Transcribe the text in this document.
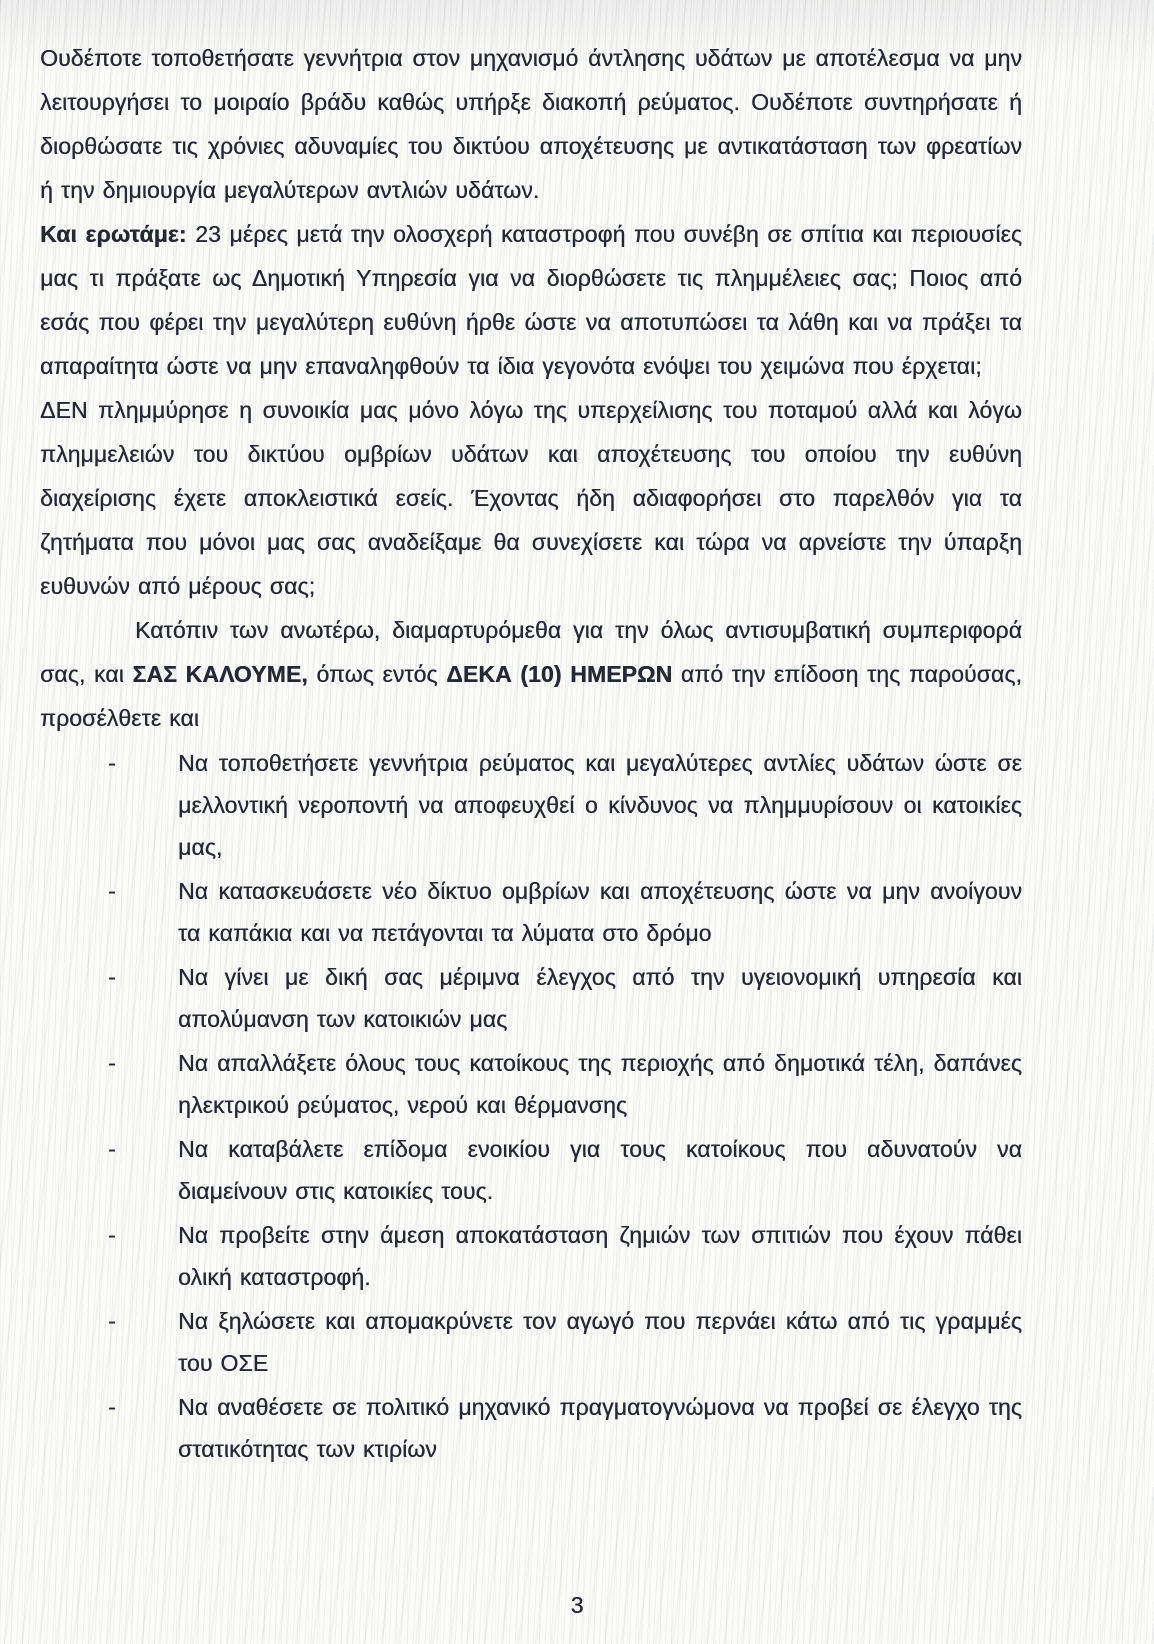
Ουδέποτε τοποθετήσατε γεννήτρια στον μηχανισμό άντλησης υδάτων με αποτέλεσμα να μην λειτουργήσει το μοιραίο βράδυ καθώς υπήρξε διακοπή ρεύματος. Ουδέποτε συντηρήσατε ή διορθώσατε τις χρόνιες αδυναμίες του δικτύου αποχέτευσης με αντικατάσταση των φρεατίων ή την δημιουργία μεγαλύτερων αντλιών υδάτων.

Και ερωτάμε: 23 μέρες μετά την ολοσχερή καταστροφή που συνέβη σε σπίτια και περιουσίες μας τι πράξατε ως Δημοτική Υπηρεσία για να διορθώσετε τις πλημμέλειες σας; Ποιος από εσάς που φέρει την μεγαλύτερη ευθύνη ήρθε ώστε να αποτυπώσει τα λάθη και να πράξει τα απαραίτητα ώστε να μην επαναληφθούν τα ίδια γεγονότα ενόψει του χειμώνα που έρχεται;

ΔΕΝ πλημμύρησε η συνοικία μας μόνο λόγω της υπερχείλισης του ποταμού αλλά και λόγω πλημμελειών του δικτύου ομβρίων υδάτων και αποχέτευσης του οποίου την ευθύνη διαχείρισης έχετε αποκλειστικά εσείς. Έχοντας ήδη αδιαφορήσει στο παρελθόν για τα ζητήματα που μόνοι μας σας αναδείξαμε θα συνεχίσετε και τώρα να αρνείστε την ύπαρξη ευθυνών από μέρους σας;

Κατόπιν των ανωτέρω, διαμαρτυρόμεθα για την όλως αντισυμβατική συμπεριφορά σας, και ΣΑΣ ΚΑΛΟΥΜΕ, όπως εντός ΔΕΚΑ (10) ΗΜΕΡΩΝ από την επίδοση της παρούσας, προσέλθετε και

-	Να τοποθετήσετε γεννήτρια ρεύματος και μεγαλύτερες αντλίες υδάτων ώστε σε μελλοντική νεροποντή να αποφευχθεί ο κίνδυνος να πλημμυρίσουν οι κατοικίες μας,
-	Να κατασκευάσετε νέο δίκτυο ομβρίων και αποχέτευσης ώστε να μην ανοίγουν τα καπάκια και να πετάγονται τα λύματα στο δρόμο
-	Να γίνει με δική σας μέριμνα έλεγχος από την υγειονομική υπηρεσία και απολύμανση των κατοικιών μας
-	Να απαλλάξετε όλους τους κατοίκους της περιοχής από δημοτικά τέλη, δαπάνες ηλεκτρικού ρεύματος, νερού και θέρμανσης
-	Να καταβάλετε επίδομα ενοικίου για τους κατοίκους που αδυνατούν να διαμείνουν στις κατοικίες τους.
-	Να προβείτε στην άμεση αποκατάσταση ζημιών των σπιτιών που έχουν πάθει ολική καταστροφή.
-	Να ξηλώσετε και απομακρύνετε τον αγωγό που περνάει κάτω από τις γραμμές του ΟΣΕ
-	Να αναθέσετε σε πολιτικό μηχανικό πραγματογνώμονα να προβεί σε έλεγχο της στατικότητας των κτιρίων
3
